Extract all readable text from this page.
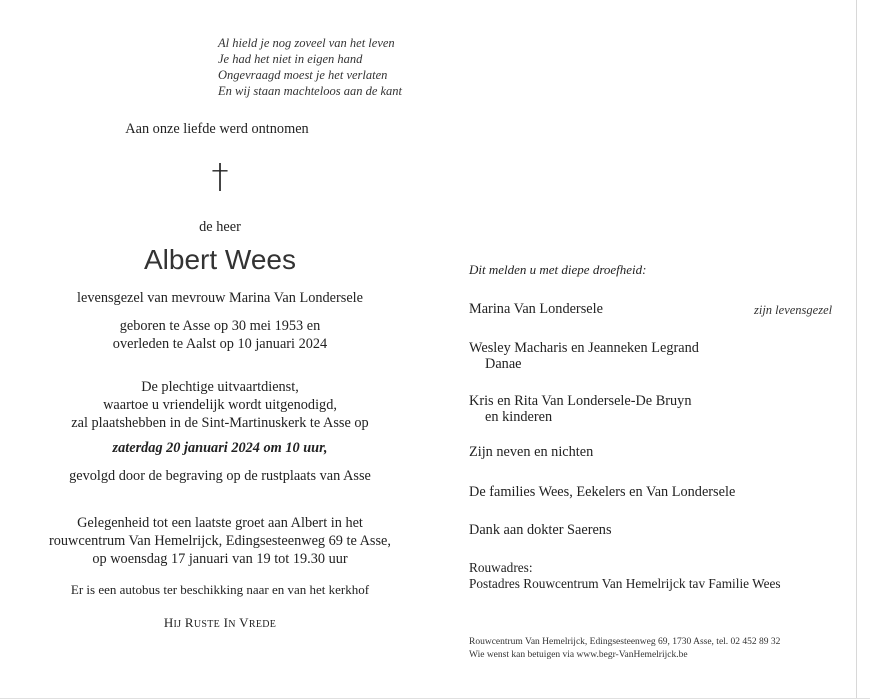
Al hield je nog zoveel van het leven
Je had het niet in eigen hand
Ongevraagd moest je het verlaten
En wij staan machteloos aan de kant
Aan onze liefde werd ontnomen
†
de heer
Albert Wees
levensgezel van mevrouw Marina Van Londersele
geboren te Asse op 30 mei 1953 en
overleden te Aalst op 10 januari 2024
De plechtige uitvaartdienst,
waartoe u vriendelijk wordt uitgenodigd,
zal plaatshebben in de Sint-Martinuskerk te Asse op
zaterdag 20 januari 2024 om 10 uur,
gevolgd door de begraving op de rustplaats van Asse
Gelegenheid tot een laatste groet aan Albert in het
rouwcentrum Van Hemelrijck, Edingsesteenweg 69 te Asse,
op woensdag 17 januari van 19 tot 19.30 uur
Er is een autobus ter beschikking naar en van het kerkhof
HIJ RUSTE IN VREDE
Dit melden u met diepe droefheid:
Marina Van Londersele	zijn levensgezel
Wesley Macharis en Jeanneken Legrand
Danae
Kris en Rita Van Londersele-De Bruyn
en kinderen
Zijn neven en nichten
De families Wees, Eekelers en Van Londersele
Dank aan dokter Saerens
Rouwadres:
Postadres Rouwcentrum Van Hemelrijck tav Familie Wees
Rouwcentrum Van Hemelrijck, Edingsesteenweg 69, 1730 Asse, tel. 02 452 89 32
Wie wenst kan betuigen via www.begr-VanHemelrijck.be
